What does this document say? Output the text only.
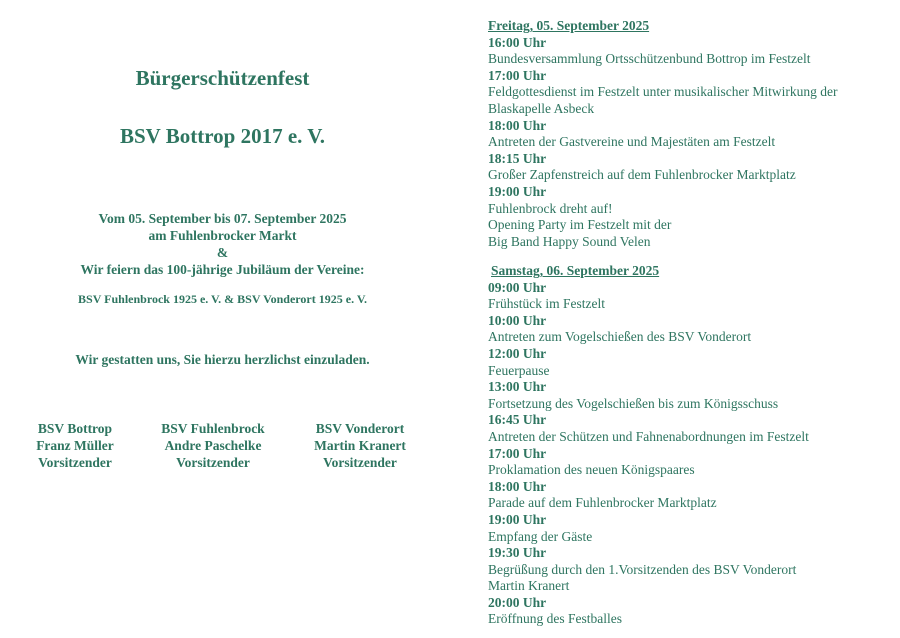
Bürgerschützenfest
BSV Bottrop 2017 e. V.
Vom 05. September bis 07. September 2025
am Fuhlenbrocker Markt
&
Wir feiern das 100-jährige Jubiläum der Vereine:
BSV Fuhlenbrock 1925 e. V. & BSV Vonderort 1925 e. V.
Wir gestatten uns, Sie hierzu herzlichst einzuladen.
BSV Bottrop
Franz Müller
Vorsitzender
BSV Fuhlenbrock
Andre Paschelke
Vorsitzender
BSV Vonderort
Martin Kranert
Vorsitzender
Freitag, 05. September 2025
16:00 Uhr
Bundesversammlung Ortsschützenbund Bottrop im Festzelt
17:00 Uhr
Feldgottesdienst im Festzelt unter musikalischer Mitwirkung der
Blaskapelle Asbeck
18:00 Uhr
Antreten der Gastvereine und Majestäten am Festzelt
18:15 Uhr
Großer Zapfenstreich auf dem Fuhlenbrocker Marktplatz
19:00 Uhr
Fuhlenbrock dreht auf!
Opening Party im Festzelt mit der
Big Band Happy Sound Velen
Samstag, 06. September 2025
09:00 Uhr
Frühstück im Festzelt
10:00 Uhr
Antreten zum Vogelschießen des BSV Vonderort
12:00 Uhr
Feuerpause
13:00 Uhr
Fortsetzung des Vogelschießen bis zum Königsschuss
16:45 Uhr
Antreten der Schützen und Fahnenabordnungen im Festzelt
17:00 Uhr
Proklamation des neuen Königspaares
18:00 Uhr
Parade auf dem Fuhlenbrocker Marktplatz
19:00 Uhr
Empfang der Gäste
19:30 Uhr
Begrüßung durch den 1.Vorsitzenden des BSV Vonderort
Martin Kranert
20:00 Uhr
Eröffnung des Festballes
